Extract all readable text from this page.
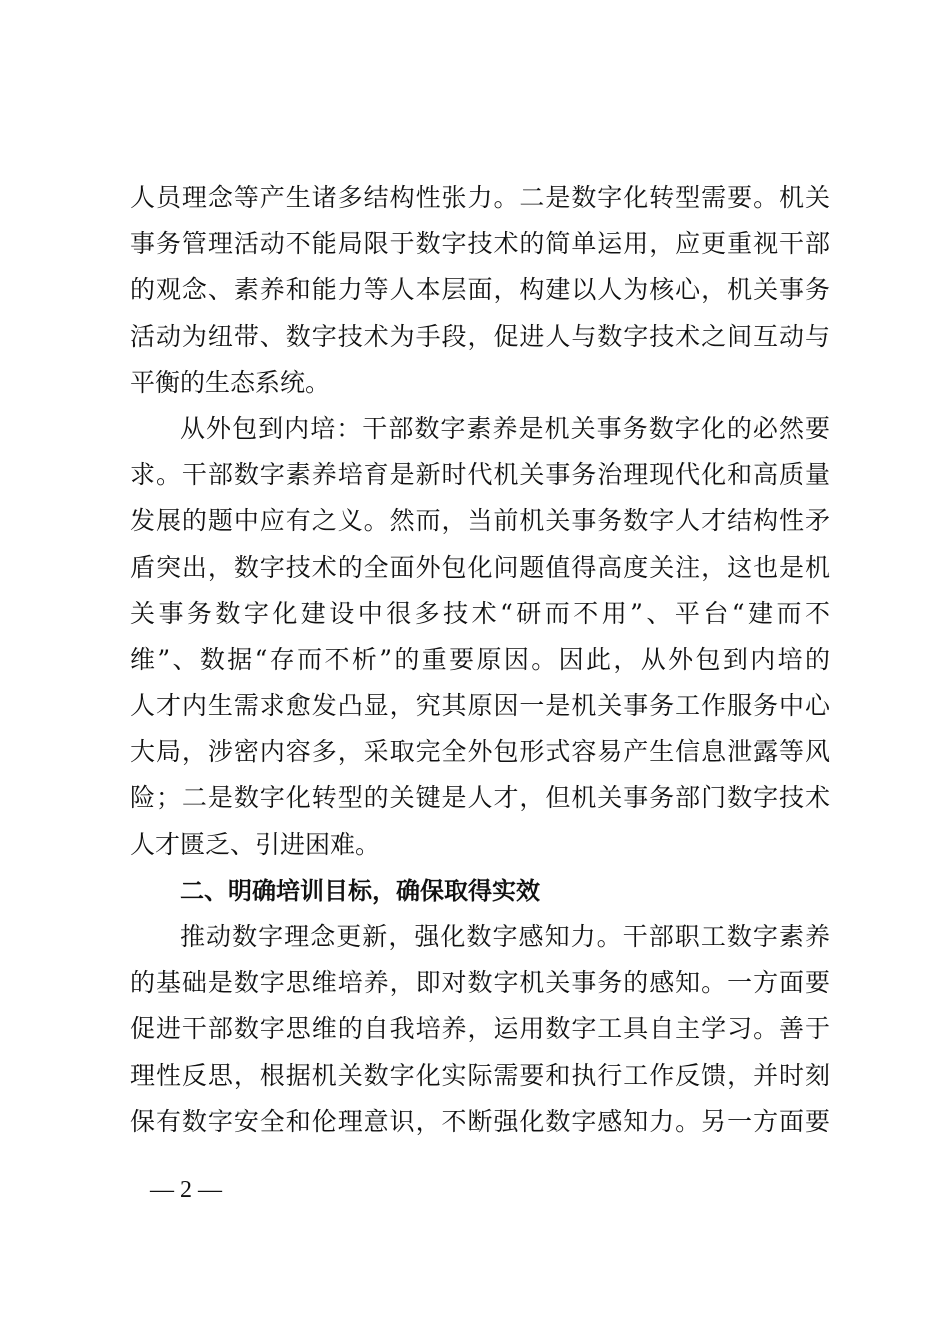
人员理念等产生诸多结构性张力。二是数字化转型需要。机关
事务管理活动不能局限于数字技术的简单运用，应更重视干部
的观念、素养和能力等人本层面，构建以人为核心，机关事务
活动为纽带、数字技术为手段，促进人与数字技术之间互动与
平衡的生态系统。
从外包到内培：干部数字素养是机关事务数字化的必然要
求。干部数字素养培育是新时代机关事务治理现代化和高质量
发展的题中应有之义。然而，当前机关事务数字人才结构性矛
盾突出，数字技术的全面外包化问题值得高度关注，这也是机
关事务数字化建设中很多技术“研而不用”、平台“建而不
维”、数据“存而不析”的重要原因。因此，从外包到内培的
人才内生需求愈发凸显，究其原因一是机关事务工作服务中心
大局，涉密内容多，采取完全外包形式容易产生信息泄露等风
险；二是数字化转型的关键是人才，但机关事务部门数字技术
人才匮乏、引进困难。
二、明确培训目标，确保取得实效
推动数字理念更新，强化数字感知力。干部职工数字素养
的基础是数字思维培养，即对数字机关事务的感知。一方面要
促进干部数字思维的自我培养，运用数字工具自主学习。善于
理性反思，根据机关数字化实际需要和执行工作反馈，并时刻
保有数字安全和伦理意识，不断强化数字感知力。另一方面要
— 2 —
